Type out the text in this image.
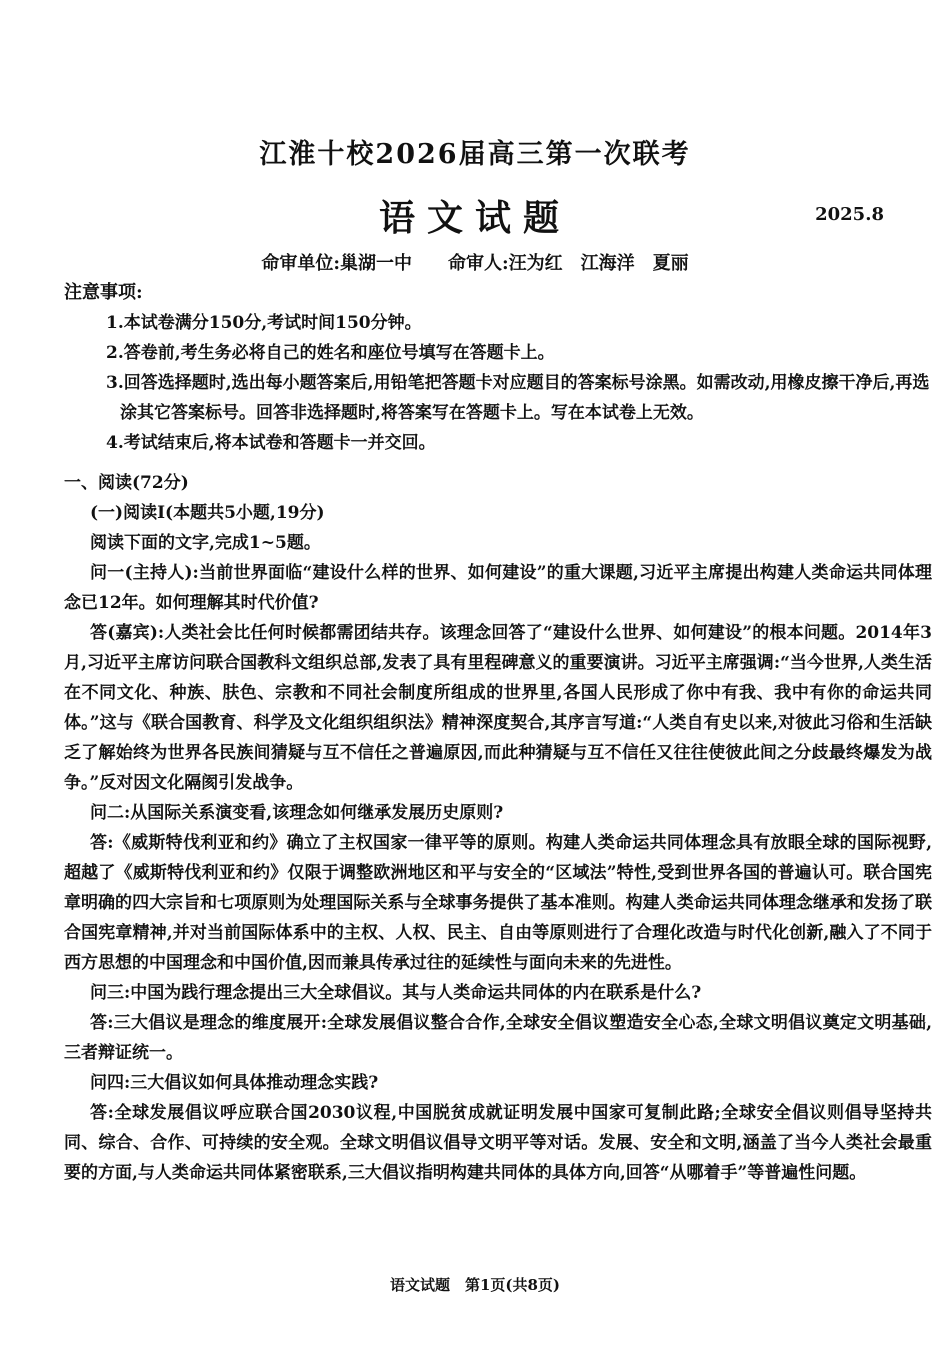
江淮十校2026届高三第一次联考
语文试题	2025.8
命审单位:巢湖一中　　命审人:汪为红　江海洋　夏丽
注意事项:

1.本试卷满分150分,考试时间150分钟。

2.答卷前,考生务必将自己的姓名和座位号填写在答题卡上。

3.回答选择题时,选出每小题答案后,用铅笔把答题卡对应题目的答案标号涂黑。如需改动,用橡皮擦干净后,再选涂其它答案标号。回答非选择题时,将答案写在答题卡上。写在本试卷上无效。

4.考试结束后,将本试卷和答题卡一并交回。

一、阅读(72分)

(一)阅读Ⅰ(本题共5小题,19分)

阅读下面的文字,完成1~5题。

问一(主持人):当前世界面临“建设什么样的世界、如何建设”的重大课题,习近平主席提出构建人类命运共同体理念已12年。如何理解其时代价值?

答(嘉宾):人类社会比任何时候都需团结共存。该理念回答了“建设什么世界、如何建设”的根本问题。2014年3月,习近平主席访问联合国教科文组织总部,发表了具有里程碑意义的重要演讲。习近平主席强调:“当今世界,人类生活在不同文化、种族、肤色、宗教和不同社会制度所组成的世界里,各国人民形成了你中有我、我中有你的命运共同体。”这与《联合国教育、科学及文化组织组织法》精神深度契合,其序言写道:“人类自有史以来,对彼此习俗和生活缺乏了解始终为世界各民族间猜疑与互不信任之普遍原因,而此种猜疑与互不信任又往往使彼此间之分歧最终爆发为战争。”反对因文化隔阂引发战争。

问二:从国际关系演变看,该理念如何继承发展历史原则?

答:《威斯特伐利亚和约》确立了主权国家一律平等的原则。构建人类命运共同体理念具有放眼全球的国际视野,超越了《威斯特伐利亚和约》仅限于调整欧洲地区和平与安全的“区域法”特性,受到世界各国的普遍认可。联合国宪章明确的四大宗旨和七项原则为处理国际关系与全球事务提供了基本准则。构建人类命运共同体理念继承和发扬了联合国宪章精神,并对当前国际体系中的主权、人权、民主、自由等原则进行了合理化改造与时代化创新,融入了不同于西方思想的中国理念和中国价值,因而兼具传承过往的延续性与面向未来的先进性。

问三:中国为践行理念提出三大全球倡议。其与人类命运共同体的内在联系是什么?

答:三大倡议是理念的维度展开:全球发展倡议整合合作,全球安全倡议塑造安全心态,全球文明倡议奠定文明基础,三者辩证统一。

问四:三大倡议如何具体推动理念实践?

答:全球发展倡议呼应联合国2030议程,中国脱贫成就证明发展中国家可复制此路;全球安全倡议则倡导坚持共同、综合、合作、可持续的安全观。全球文明倡议倡导文明平等对话。发展、安全和文明,涵盖了当今人类社会最重要的方面,与人类命运共同体紧密联系,三大倡议指明构建共同体的具体方向,回答“从哪着手”等普遍性问题。

语文试题　第1页(共8页)
